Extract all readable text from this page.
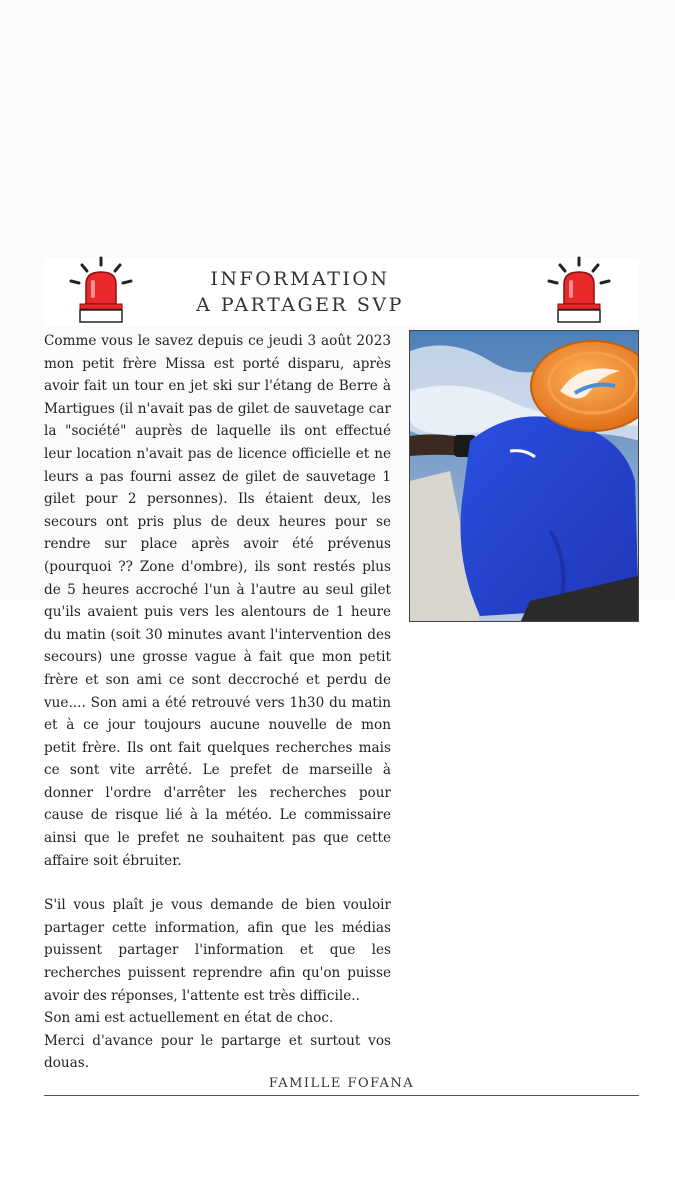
INFORMATION
A PARTAGER SVP

Comme vous le savez depuis ce jeudi 3 août 2023 mon petit frère Missa est porté disparu, après avoir fait un tour en jet ski sur l'étang de Berre à Martigues (il n'avait pas de gilet de sauvetage car la "société" auprès de laquelle ils ont effectué leur location n'avait pas de licence officielle et ne leurs a pas fourni assez de gilet de sauvetage 1 gilet pour 2 personnes). Ils étaient deux, les secours ont pris plus de deux heures pour se rendre sur place après avoir été prévenus (pourquoi ?? Zone d'ombre), ils sont restés plus de 5 heures accroché l'un à l'autre au seul gilet qu'ils avaient puis vers les alentours de 1 heure du matin (soit 30 minutes avant l'intervention des secours) une grosse vague à fait que mon petit frère et son ami ce sont deccroché et perdu de vue.... Son ami a été retrouvé vers 1h30 du matin et à ce jour toujours aucune nouvelle de mon petit frère. Ils ont fait quelques recherches mais ce sont vite arrêté. Le prefet de marseille à donner l'ordre d'arrêter les recherches pour cause de risque lié à la météo. Le commissaire ainsi que le prefet ne souhaitent pas que cette affaire soit ébruiter.

S'il vous plaît je vous demande de bien vouloir partager cette information, afin que les médias puissent partager l'information et que les recherches puissent reprendre afin qu'on puisse avoir des réponses, l'attente est très difficile..

Son ami est actuellement en état de choc.

Merci d'avance pour le partarge et surtout vos douas.

FAMILLE FOFANA
